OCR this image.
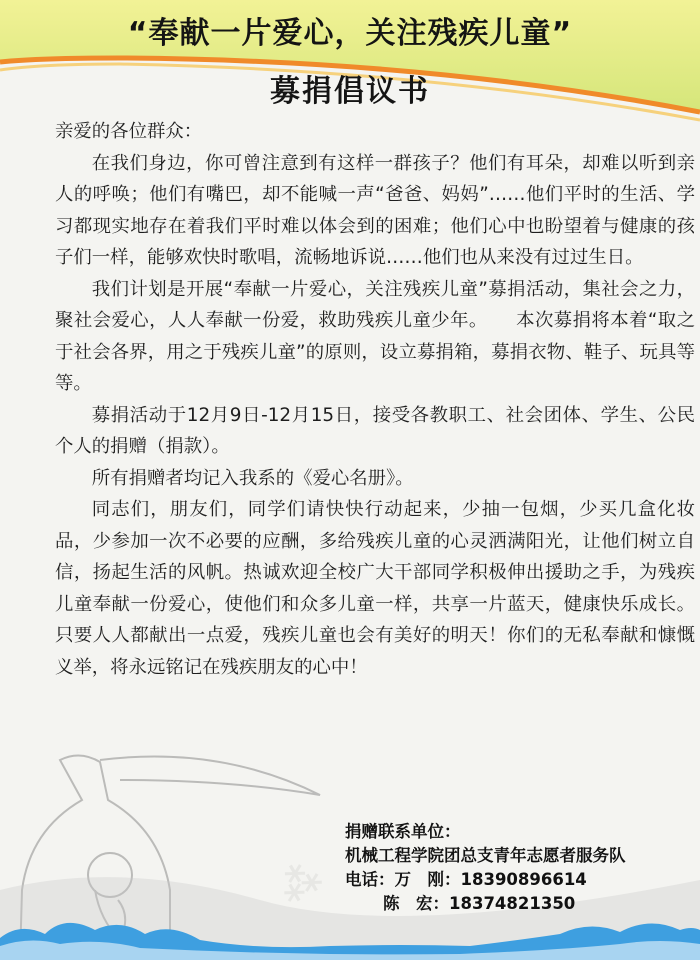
“奉献一片爱心，关注残疾儿童”
募捐倡议书
⁂

亲爱的各位群众：

在我们身边，你可曾注意到有这样一群孩子？他们有耳朵，却难以听到亲人的呼唤；他们有嘴巴，却不能喊一声“爸爸、妈妈”……他们平时的生活、学习都现实地存在着我们平时难以体会到的困难；他们心中也盼望着与健康的孩子们一样，能够欢快时歌唱，流畅地诉说……他们也从来没有过过生日。

我们计划是开展“奉献一片爱心，关注残疾儿童”募捐活动，集社会之力，聚社会爱心，人人奉献一份爱，救助残疾儿童少年。　　本次募捐将本着“取之于社会各界，用之于残疾儿童”的原则，设立募捐箱，募捐衣物、鞋子、玩具等等。

募捐活动于12月9日-12月15日，接受各教职工、社会团体、学生、公民个人的捐赠（捐款）。

所有捐赠者均记入我系的《爱心名册》。

同志们，朋友们，同学们请快快行动起来，少抽一包烟，少买几盒化妆品，少参加一次不必要的应酬，多给残疾儿童的心灵洒满阳光，让他们树立自信，扬起生活的风帆。热诚欢迎全校广大干部同学积极伸出援助之手，为残疾儿童奉献一份爱心，使他们和众多儿童一样，共享一片蓝天，健康快乐成长。只要人人都献出一点爱，残疾儿童也会有美好的明天！你们的无私奉献和慷慨义举，将永远铭记在残疾朋友的心中！

捐赠联系单位：
机械工程学院团总支青年志愿者服务队
电话：万　刚：18390896614
陈　宏：18374821350
